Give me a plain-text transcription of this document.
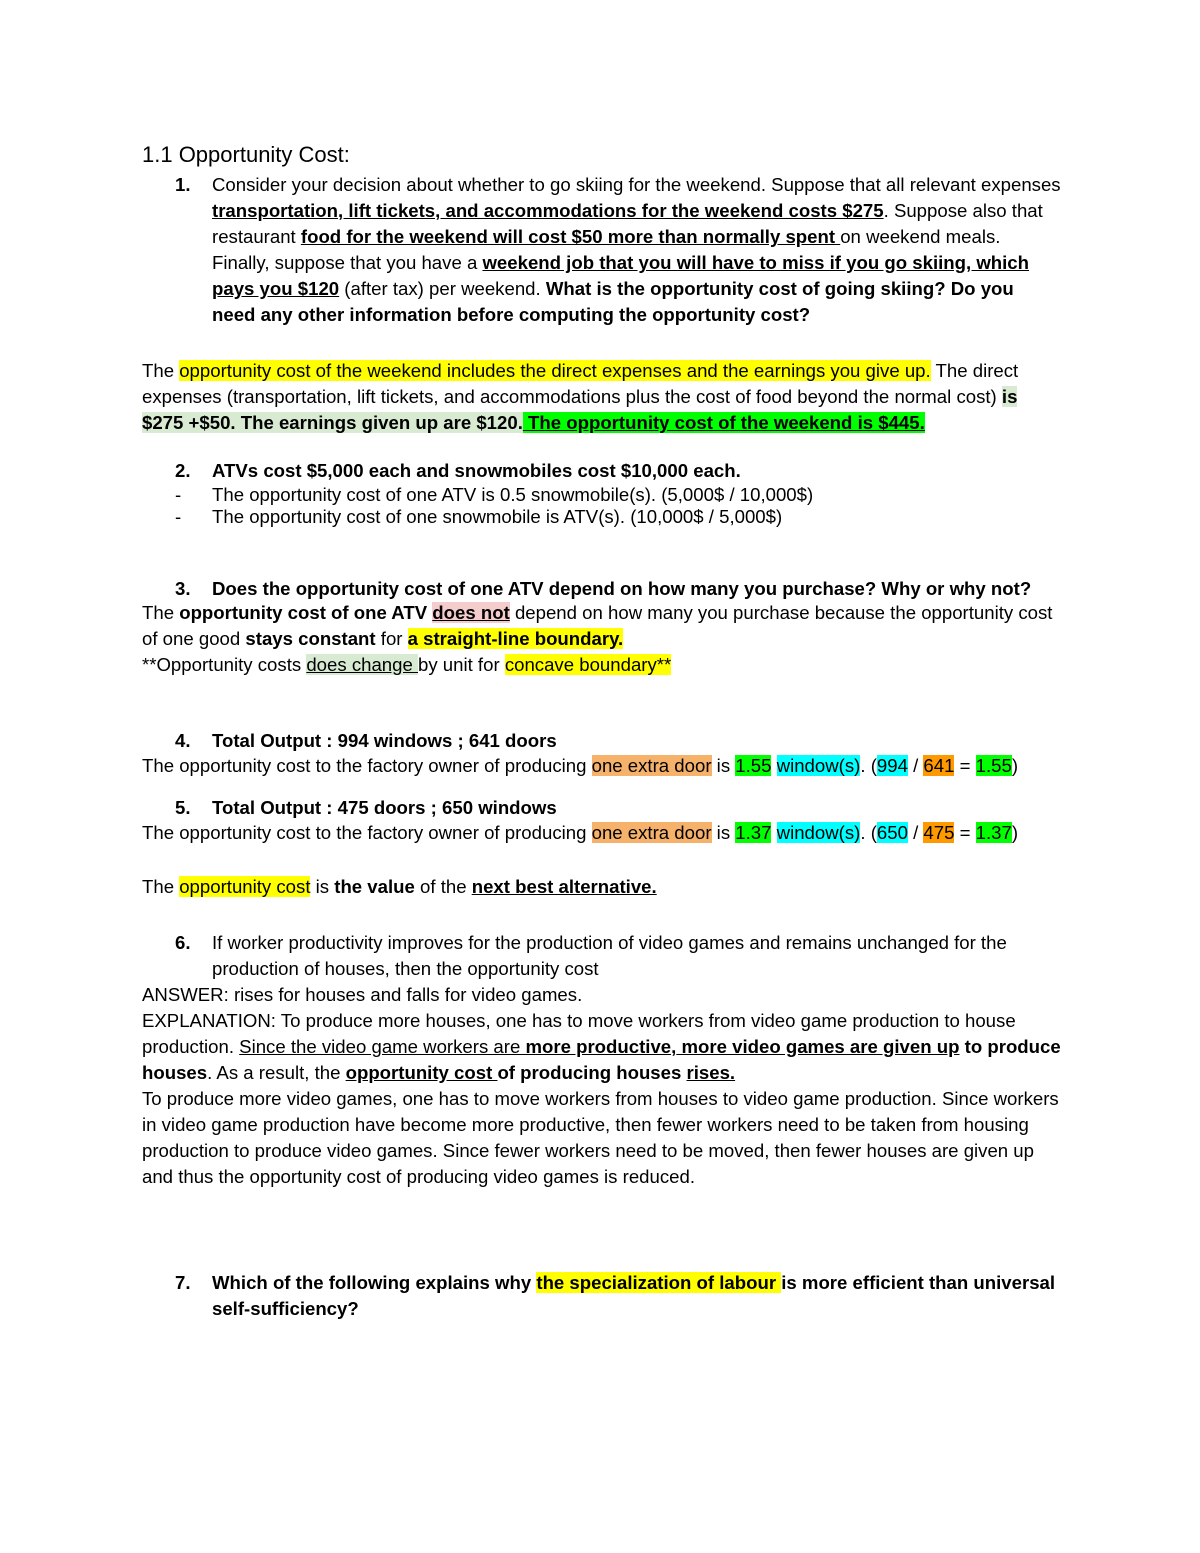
1.1 Opportunity Cost:

1. Consider your decision about whether to go skiing for the weekend. Suppose that all relevant expenses transportation, lift tickets, and accommodations for the weekend costs $275. Suppose also that restaurant food for the weekend will cost $50 more than normally spent on weekend meals. Finally, suppose that you have a weekend job that you will have to miss if you go skiing, which pays you $120 (after tax) per weekend. What is the opportunity cost of going skiing? Do you need any other information before computing the opportunity cost?

The opportunity cost of the weekend includes the direct expenses and the earnings you give up. The direct expenses (transportation, lift tickets, and accommodations plus the cost of food beyond the normal cost) is $275 +$50. The earnings given up are $120. The opportunity cost of the weekend is $445.

2. ATVs cost $5,000 each and snowmobiles cost $10,000 each.
- The opportunity cost of one ATV is 0.5 snowmobile(s). (5,000$ / 10,000$)
- The opportunity cost of one snowmobile is ATV(s). (10,000$ / 5,000$)
3. Does the opportunity cost of one ATV depend on how many you purchase? Why or why not?

The opportunity cost of one ATV does not depend on how many you purchase because the opportunity cost of one good stays constant for a straight-line boundary.

**Opportunity costs does change by unit for concave boundary**

4. Total Output : 994 windows ; 641 doors

The opportunity cost to the factory owner of producing one extra door is 1.55 window(s). (994 / 641 = 1.55)

5. Total Output : 475 doors ; 650 windows

The opportunity cost to the factory owner of producing one extra door is 1.37 window(s). (650 / 475 = 1.37)

The opportunity cost is the value of the next best alternative.

6. If worker productivity improves for the production of video games and remains unchanged for the production of houses, then the opportunity cost

ANSWER: rises for houses and falls for video games.

EXPLANATION: To produce more houses, one has to move workers from video game production to house production. Since the video game workers are more productive, more video games are given up to produce houses. As a result, the opportunity cost of producing houses rises.

To produce more video games, one has to move workers from houses to video game production. Since workers in video game production have become more productive, then fewer workers need to be taken from housing production to produce video games. Since fewer workers need to be moved, then fewer houses are given up and thus the opportunity cost of producing video games is reduced.

7. Which of the following explains why the specialization of labour is more efficient than universal self-sufficiency?
